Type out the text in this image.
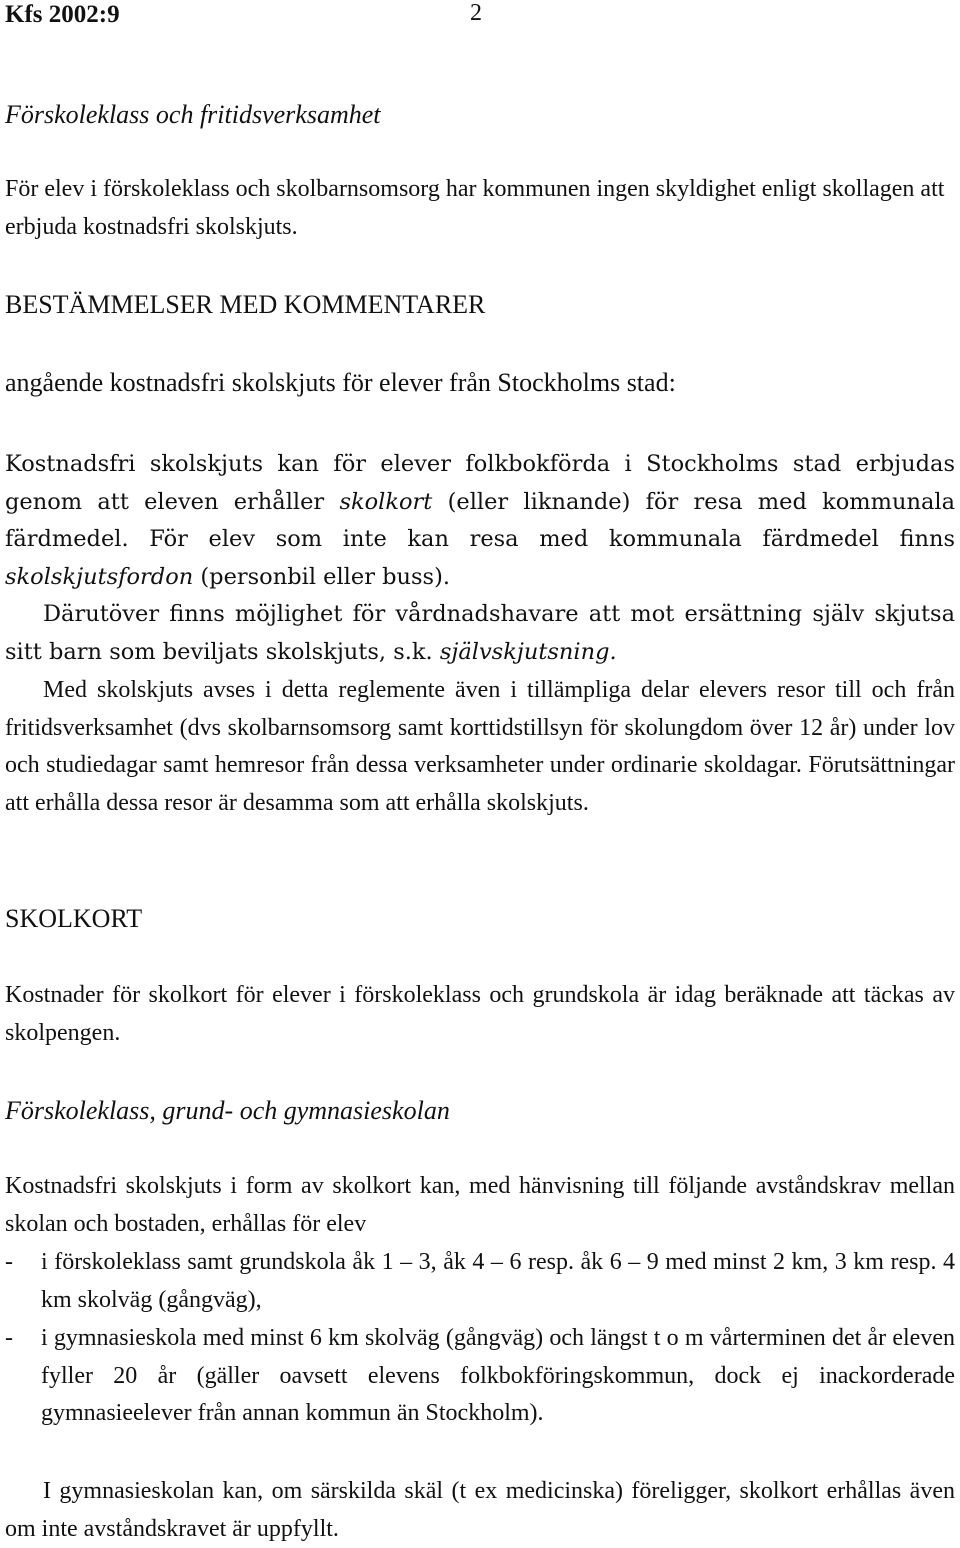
Kfs 2002:9	2
Förskoleklass och fritidsverksamhet

För elev i förskoleklass och skolbarnsomsorg har kommunen ingen skyldighet enligt skollagen att erbjuda kostnadsfri skolskjuts.

BESTÄMMELSER MED KOMMENTARER
angående kostnadsfri skolskjuts för elever från Stockholms stad:

Kostnadsfri skolskjuts kan för elever folkbokförda i Stockholms stad erbjudas genom att eleven erhåller skolkort (eller liknande) för resa med kommunala färdmedel. För elev som inte kan resa med kommunala färdmedel finns skolskjutsfordon (personbil eller buss).

Därutöver finns möjlighet för vårdnadshavare att mot ersättning själv skjutsa sitt barn som beviljats skolskjuts, s.k. självskjutsning.

Med skolskjuts avses i detta reglemente även i tillämpliga delar elevers resor till och från fritidsverksamhet (dvs skolbarnsomsorg samt korttidstillsyn för skolungdom över 12 år) under lov och studiedagar samt hemresor från dessa verksamheter under ordinarie skoldagar. Förutsättningar att erhålla dessa resor är desamma som att erhålla skolskjuts.

SKOLKORT

Kostnader för skolkort för elever i förskoleklass och grundskola är idag beräknade att täckas av skolpengen.

Förskoleklass, grund- och gymnasieskolan

Kostnadsfri skolskjuts i form av skolkort kan, med hänvisning till följande avståndskrav mellan skolan och bostaden, erhållas för elev

-	i förskoleklass samt grundskola åk 1 – 3, åk 4 – 6 resp. åk 6 – 9 med minst 2 km, 3 km resp. 4 km skolväg (gångväg),
-	i gymnasieskola med minst 6 km skolväg (gångväg) och längst t o m vårterminen det år eleven fyller 20 år (gäller oavsett elevens folkbokföringskommun, dock ej inackorderade gymnasieelever från annan kommun än Stockholm).

I gymnasieskolan kan, om särskilda skäl (t ex medicinska) föreligger, skolkort erhållas även om inte avståndskravet är uppfyllt.
